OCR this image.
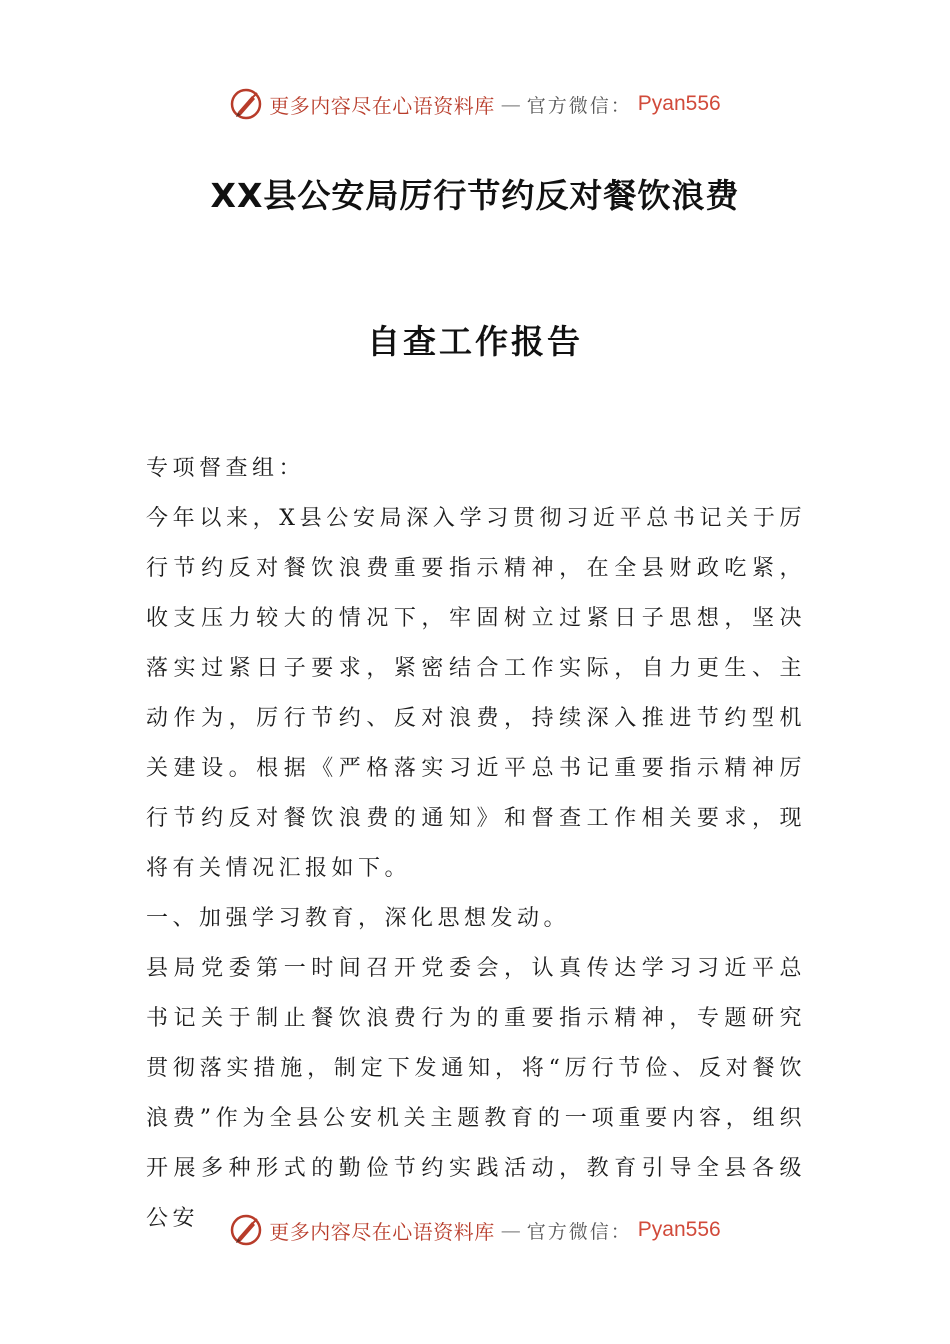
更多内容尽在心语资料库 — 官方微信： Pyan556
XX县公安局厉行节约反对餐饮浪费
自查工作报告

专项督查组：

今年以来，X县公安局深入学习贯彻习近平总书记关于厉行节约反对餐饮浪费重要指示精神，在全县财政吃紧，收支压力较大的情况下，牢固树立过紧日子思想，坚决落实过紧日子要求，紧密结合工作实际，自力更生、主动作为，厉行节约、反对浪费，持续深入推进节约型机关建设。根据《严格落实习近平总书记重要指示精神厉行节约反对餐饮浪费的通知》和督查工作相关要求，现将有关情况汇报如下。

一、加强学习教育，深化思想发动。

县局党委第一时间召开党委会，认真传达学习习近平总书记关于制止餐饮浪费行为的重要指示精神，专题研究贯彻落实措施，制定下发通知，将“厉行节俭、反对餐饮浪费”作为全县公安机关主题教育的一项重要内容，组织开展多种形式的勤俭节约实践活动，教育引导全县各级公安

更多内容尽在心语资料库 — 官方微信： Pyan556
